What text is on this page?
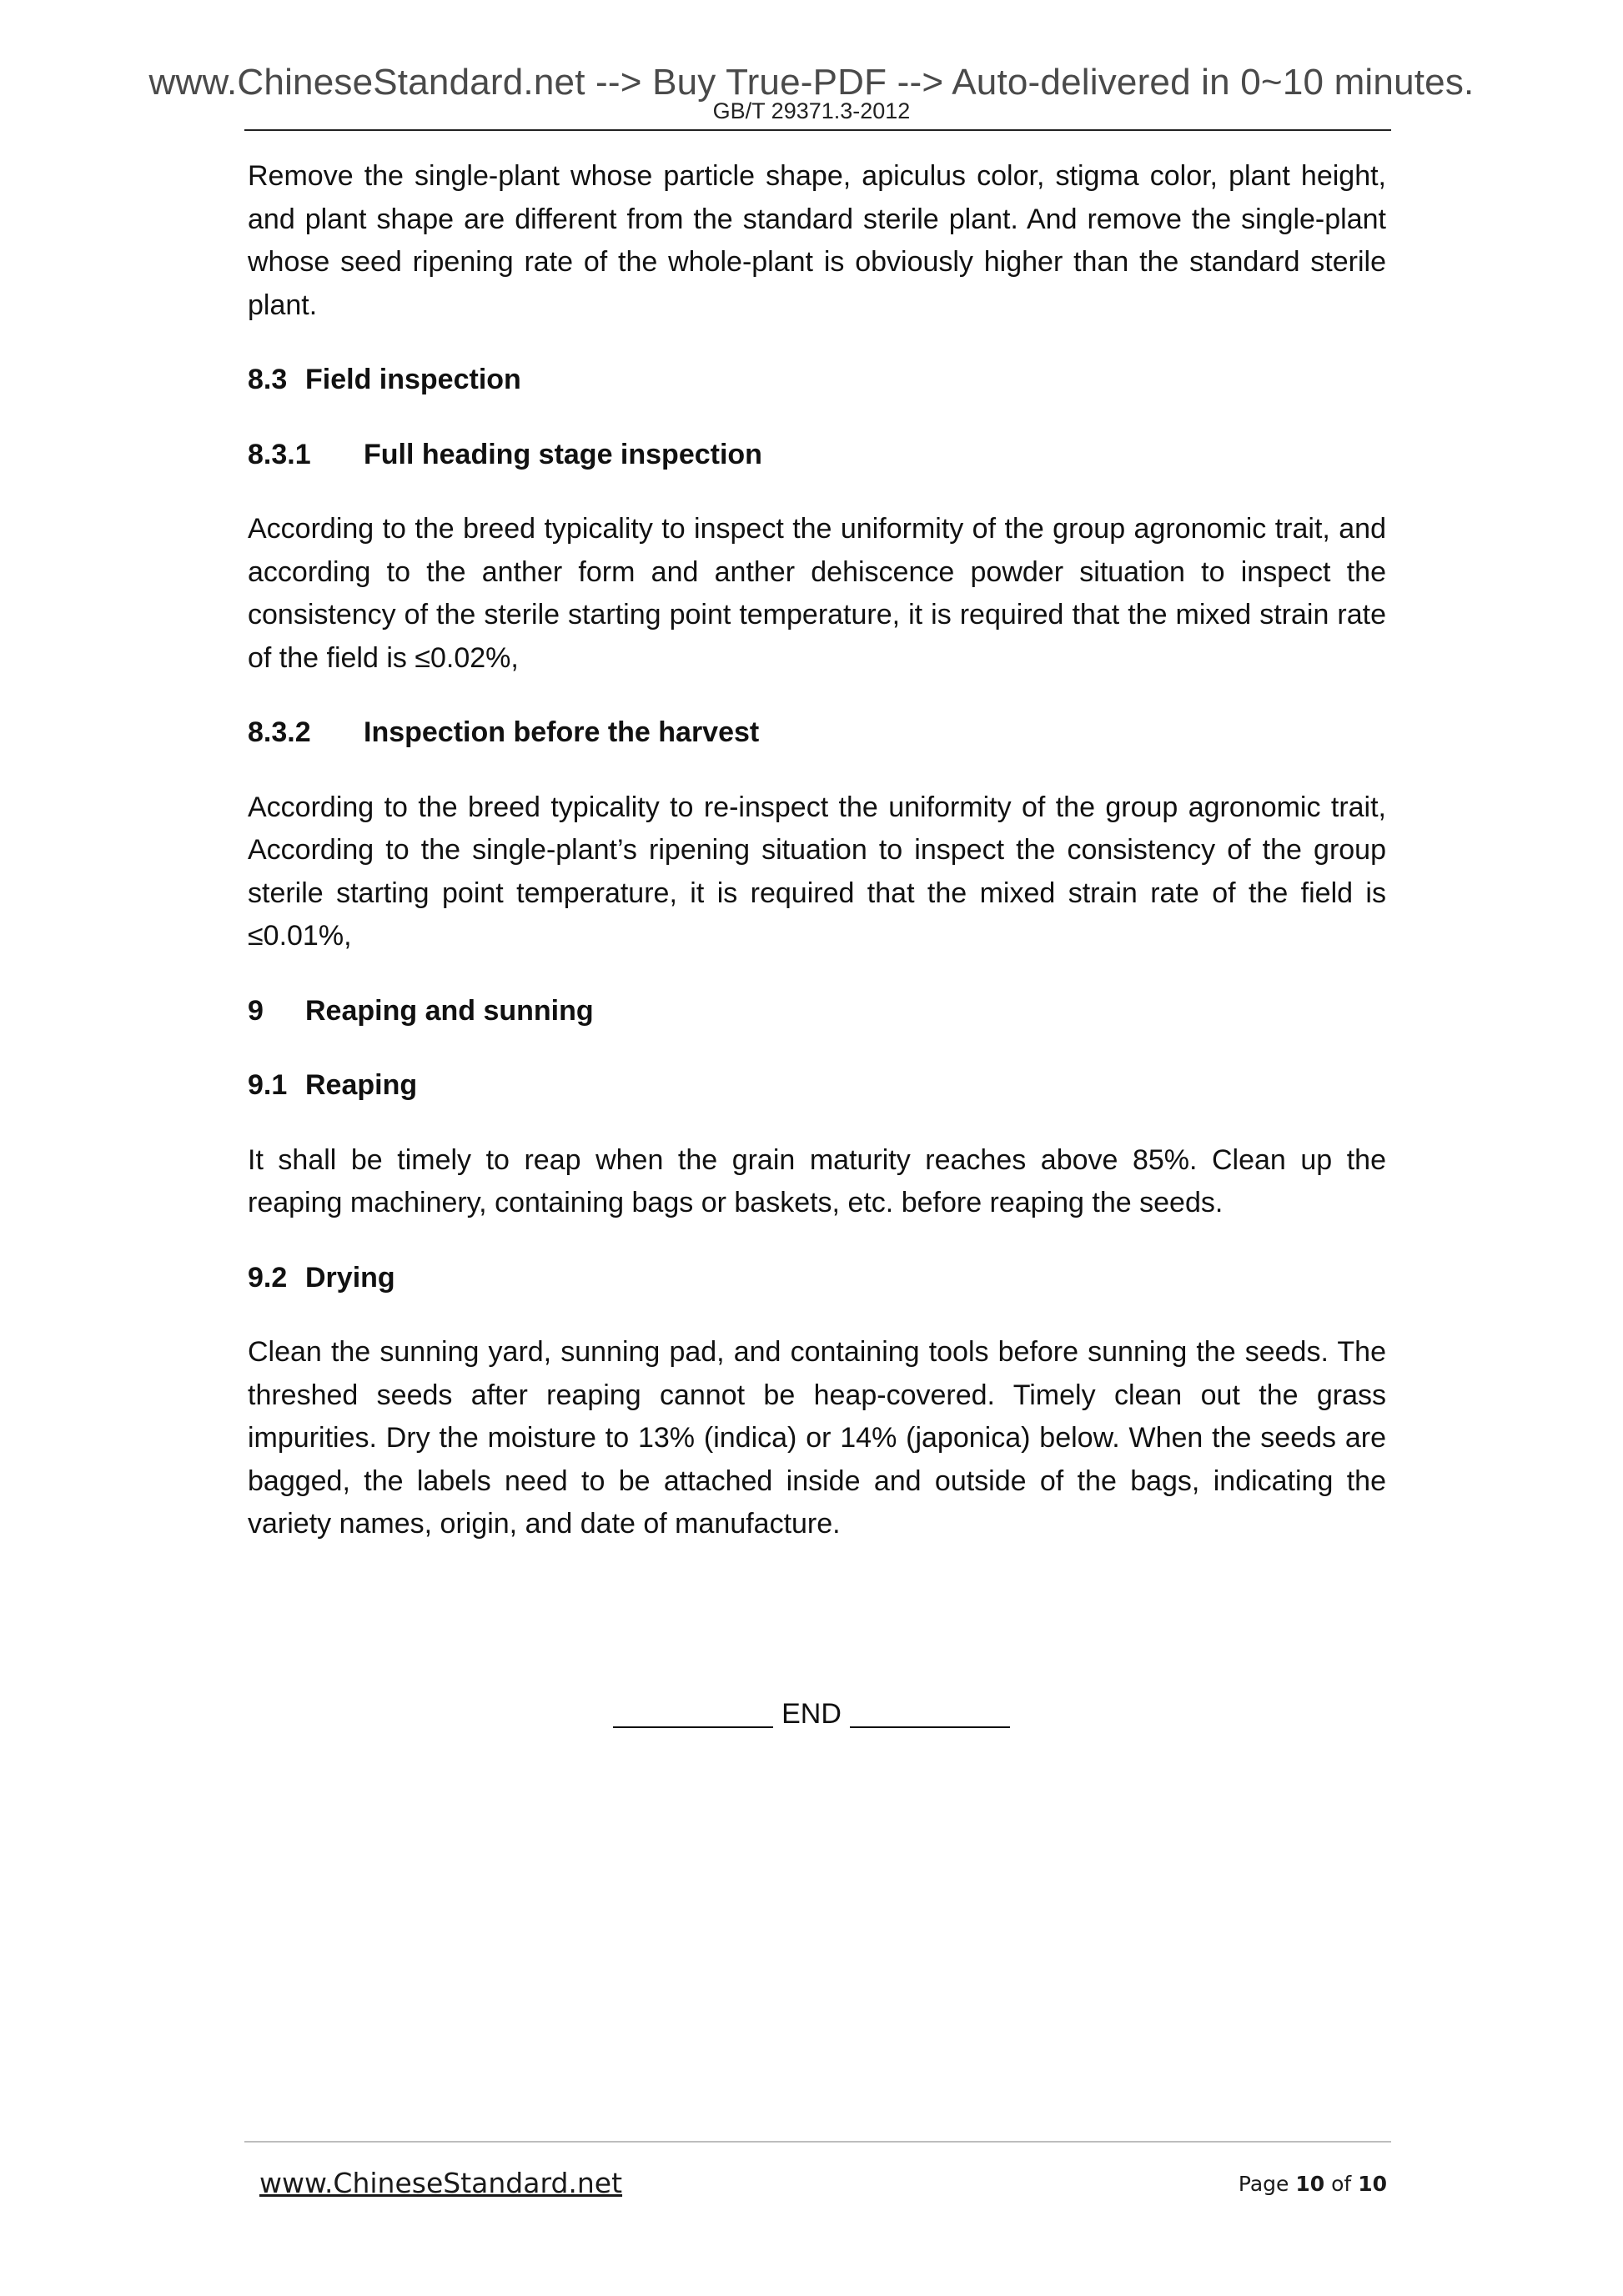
www.ChineseStandard.net --> Buy True-PDF --> Auto-delivered in 0~10 minutes.
GB/T 29371.3-2012

Remove the single-plant whose particle shape, apiculus color, stigma color, plant height, and plant shape are different from the standard sterile plant. And remove the single-plant whose seed ripening rate of the whole-plant is obviously higher than the standard sterile plant.

8.3 Field inspection
8.3.1 Full heading stage inspection

According to the breed typicality to inspect the uniformity of the group agronomic trait, and according to the anther form and anther dehiscence powder situation to inspect the consistency of the sterile starting point temperature, it is required that the mixed strain rate of the field is ≤0.02%,

8.3.2 Inspection before the harvest

According to the breed typicality to re-inspect the uniformity of the group agronomic trait, According to the single-plant’s ripening situation to inspect the consistency of the group sterile starting point temperature, it is required that the mixed strain rate of the field is ≤0.01%,

9 Reaping and sunning
9.1 Reaping

It shall be timely to reap when the grain maturity reaches above 85%. Clean up the reaping machinery, containing bags or baskets, etc. before reaping the seeds.

9.2 Drying

Clean the sunning yard, sunning pad, and containing tools before sunning the seeds. The threshed seeds after reaping cannot be heap-covered. Timely clean out the grass impurities. Dry the moisture to 13% (indica) or 14% (japonica) below. When the seeds are bagged, the labels need to be attached inside and outside of the bags, indicating the variety names, origin, and date of manufacture.

END
www.ChineseStandard.net	Page 10 of 10
